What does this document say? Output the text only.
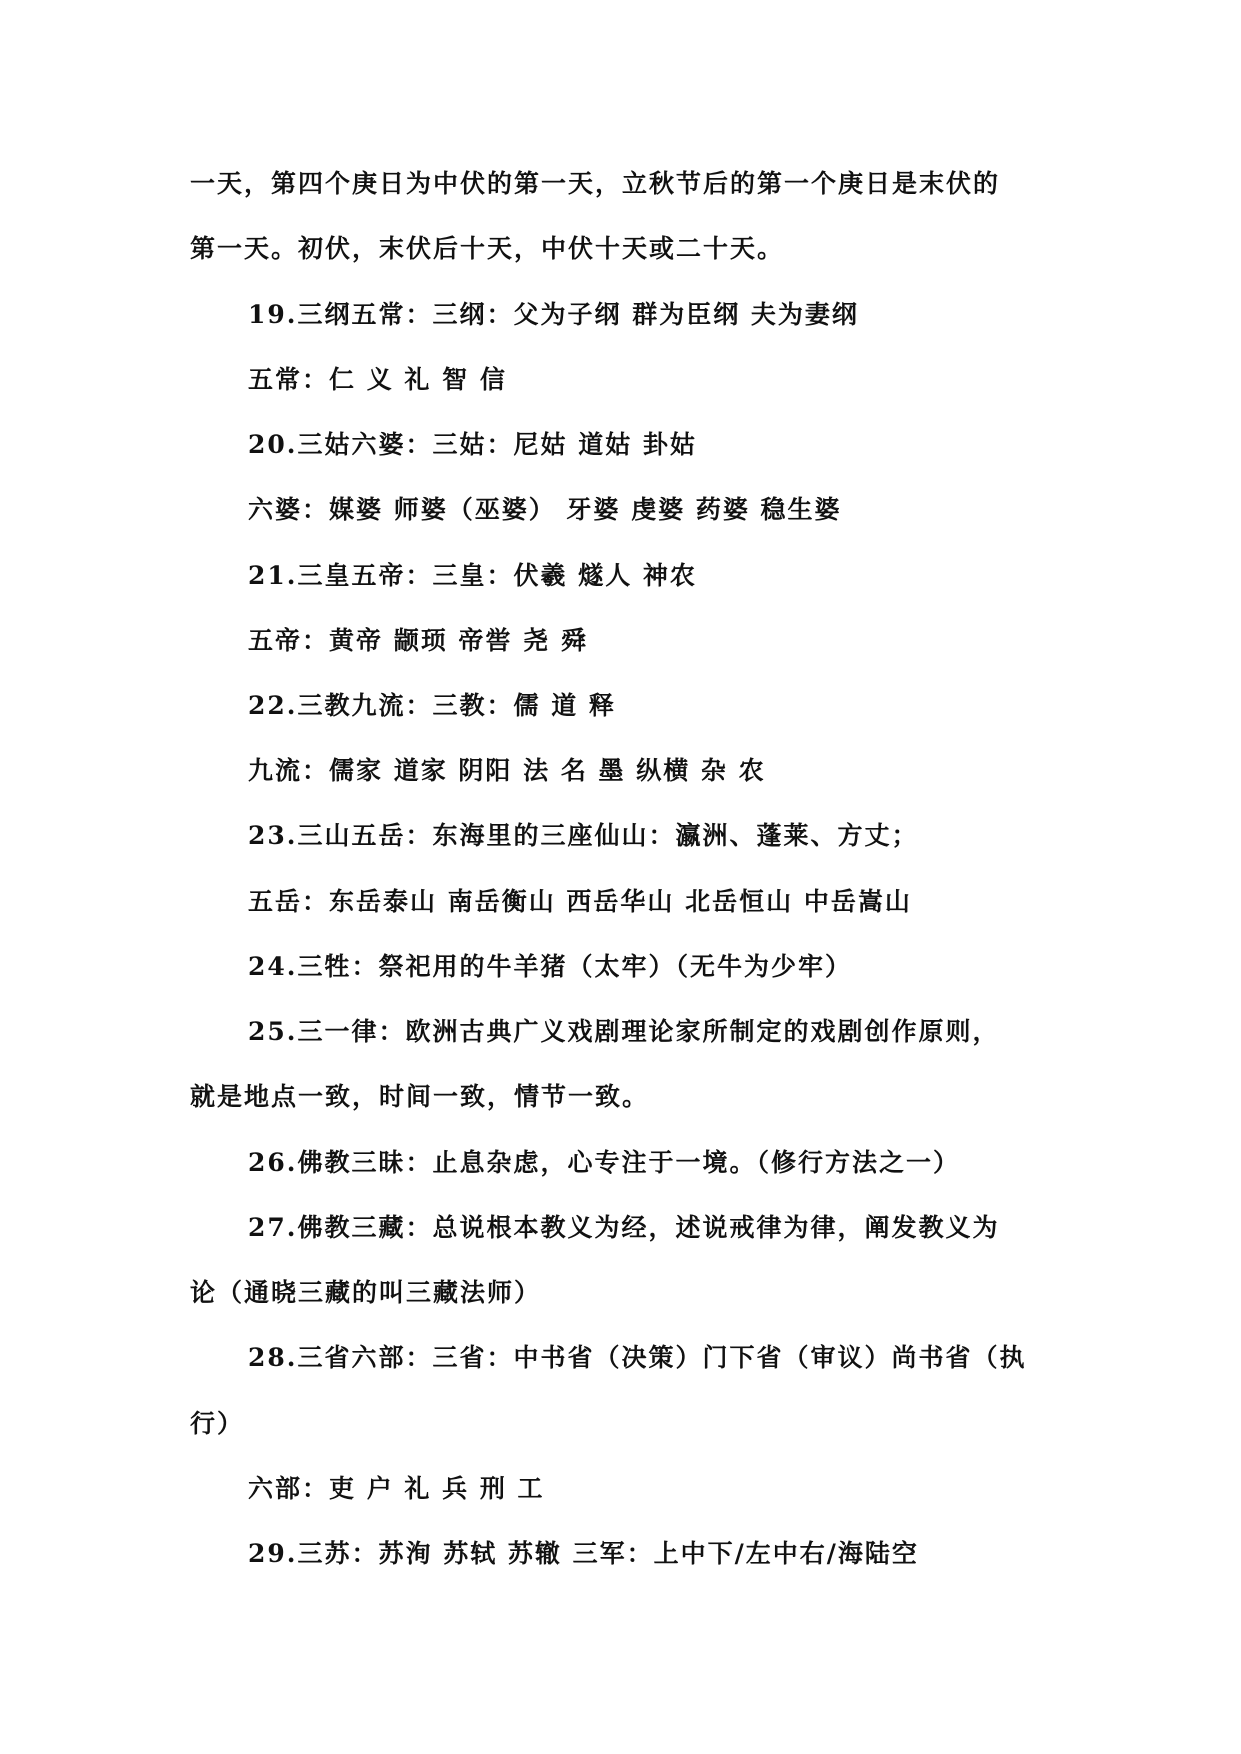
一天，第四个庚日为中伏的第一天，立秋节后的第一个庚日是末伏的
第一天。初伏，末伏后十天，中伏十天或二十天。
19.三纲五常：三纲：父为子纲 群为臣纲 夫为妻纲
五常：仁 义 礼 智 信
20.三姑六婆：三姑：尼姑 道姑 卦姑
六婆：媒婆 师婆（巫婆） 牙婆 虔婆 药婆 稳生婆
21.三皇五帝：三皇：伏羲 燧人 神农
五帝：黄帝 颛顼 帝喾 尧 舜
22.三教九流：三教：儒 道 释
九流：儒家 道家 阴阳 法 名 墨 纵横 杂 农
23.三山五岳：东海里的三座仙山：瀛洲、蓬莱、方丈；
五岳：东岳泰山 南岳衡山 西岳华山 北岳恒山 中岳嵩山
24.三牲：祭祀用的牛羊猪（太牢）（无牛为少牢）
25.三一律：欧洲古典广义戏剧理论家所制定的戏剧创作原则，
就是地点一致，时间一致，情节一致。
26.佛教三昧：止息杂虑，心专注于一境。（修行方法之一）
27.佛教三藏：总说根本教义为经，述说戒律为律，阐发教义为
论（通晓三藏的叫三藏法师）
28.三省六部：三省：中书省（决策）门下省（审议）尚书省（执
行）
六部：吏 户 礼 兵 刑 工
29.三苏：苏洵 苏轼 苏辙 三军：上中下/左中右/海陆空
